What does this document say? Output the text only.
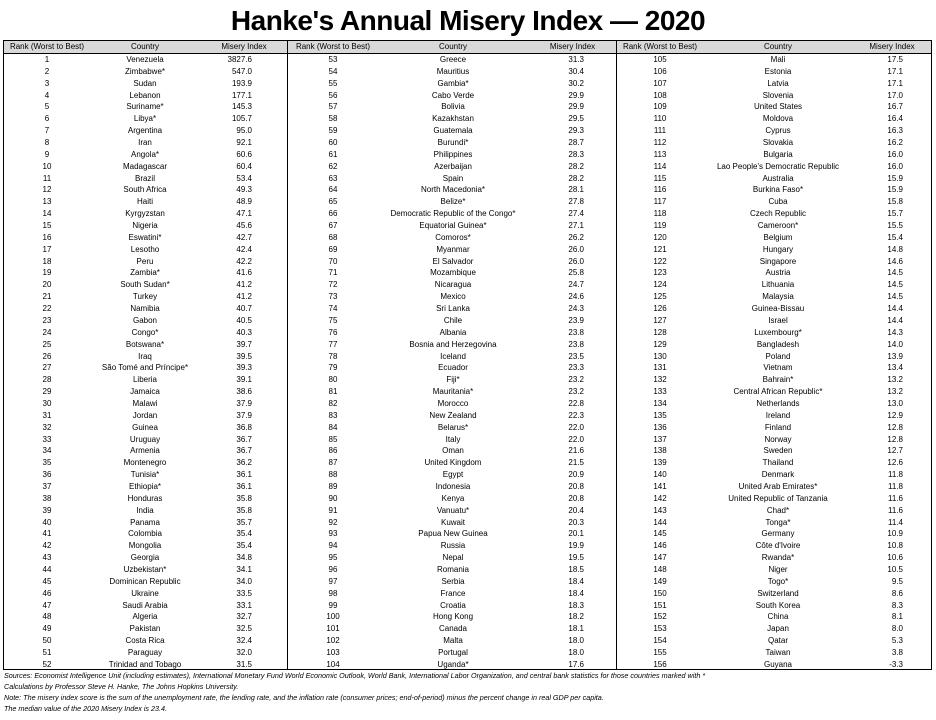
Hanke's Annual Misery Index — 2020
Rank (Worst to Best)	Country	Misery Index
1	Venezuela	3827.6
2	Zimbabwe*	547.0
3	Sudan	193.9
4	Lebanon	177.1
5	Suriname*	145.3
6	Libya*	105.7
7	Argentina	95.0
8	Iran	92.1
9	Angola*	60.6
10	Madagascar	60.4
11	Brazil	53.4
12	South Africa	49.3
13	Haiti	48.9
14	Kyrgyzstan	47.1
15	Nigeria	45.6
16	Eswatini*	42.7
17	Lesotho	42.4
18	Peru	42.2
19	Zambia*	41.6
20	South Sudan*	41.2
21	Turkey	41.2
22	Namibia	40.7
23	Gabon	40.5
24	Congo*	40.3
25	Botswana*	39.7
26	Iraq	39.5
27	São Tomé and Príncipe*	39.3
28	Liberia	39.1
29	Jamaica	38.6
30	Malawi	37.9
31	Jordan	37.9
32	Guinea	36.8
33	Uruguay	36.7
34	Armenia	36.7
35	Montenegro	36.2
36	Tunisia*	36.1
37	Ethiopia*	36.1
38	Honduras	35.8
39	India	35.8
40	Panama	35.7
41	Colombia	35.4
42	Mongolia	35.4
43	Georgia	34.8
44	Uzbekistan*	34.1
45	Dominican Republic	34.0
46	Ukraine	33.5
47	Saudi Arabia	33.1
48	Algeria	32.7
49	Pakistan	32.5
50	Costa Rica	32.4
51	Paraguay	32.0
52	Trinidad and Tobago	31.5
Rank (Worst to Best)	Country	Misery Index
53	Greece	31.3
54	Mauritius	30.4
55	Gambia*	30.2
56	Cabo Verde	29.9
57	Bolivia	29.9
58	Kazakhstan	29.5
59	Guatemala	29.3
60	Burundi*	28.7
61	Philippines	28.3
62	Azerbaijan	28.2
63	Spain	28.2
64	North Macedonia*	28.1
65	Belize*	27.8
66	Democratic Republic of the Congo*	27.4
67	Equatorial Guinea*	27.1
68	Comoros*	26.2
69	Myanmar	26.0
70	El Salvador	26.0
71	Mozambique	25.8
72	Nicaragua	24.7
73	Mexico	24.6
74	Sri Lanka	24.3
75	Chile	23.9
76	Albania	23.8
77	Bosnia and Herzegovina	23.8
78	Iceland	23.5
79	Ecuador	23.3
80	Fiji*	23.2
81	Mauritania*	23.2
82	Morocco	22.8
83	New Zealand	22.3
84	Belarus*	22.0
85	Italy	22.0
86	Oman	21.6
87	United Kingdom	21.5
88	Egypt	20.9
89	Indonesia	20.8
90	Kenya	20.8
91	Vanuatu*	20.4
92	Kuwait	20.3
93	Papua New Guinea	20.1
94	Russia	19.9
95	Nepal	19.5
96	Romania	18.5
97	Serbia	18.4
98	France	18.4
99	Croatia	18.3
100	Hong Kong	18.2
101	Canada	18.1
102	Malta	18.0
103	Portugal	18.0
104	Uganda*	17.6
Rank (Worst to Best)	Country	Misery Index
105	Mali	17.5
106	Estonia	17.1
107	Latvia	17.1
108	Slovenia	17.0
109	United States	16.7
110	Moldova	16.4
111	Cyprus	16.3
112	Slovakia	16.2
113	Bulgaria	16.0
114	Lao People's Democratic Republic	16.0
115	Australia	15.9
116	Burkina Faso*	15.9
117	Cuba	15.8
118	Czech Republic	15.7
119	Cameroon*	15.5
120	Belgium	15.4
121	Hungary	14.8
122	Singapore	14.6
123	Austria	14.5
124	Lithuania	14.5
125	Malaysia	14.5
126	Guinea-Bissau	14.4
127	Israel	14.4
128	Luxembourg*	14.3
129	Bangladesh	14.0
130	Poland	13.9
131	Vietnam	13.4
132	Bahrain*	13.2
133	Central African Republic*	13.2
134	Netherlands	13.0
135	Ireland	12.9
136	Finland	12.8
137	Norway	12.8
138	Sweden	12.7
139	Thailand	12.6
140	Denmark	11.8
141	United Arab Emirates*	11.8
142	United Republic of Tanzania	11.6
143	Chad*	11.6
144	Tonga*	11.4
145	Germany	10.9
146	Côte d'Ivoire	10.8
147	Rwanda*	10.6
148	Niger	10.5
149	Togo*	9.5
150	Switzerland	8.6
151	South Korea	8.3
152	China	8.1
153	Japan	8.0
154	Qatar	5.3
155	Taiwan	3.8
156	Guyana	-3.3
Sources: Economist Intelligence Unit (including estimates), International Monetary Fund World Economic Outlook, World Bank, International Labor Organization, and central bank statistics for those countries marked with *
Calculations by Professor Steve H. Hanke, The Johns Hopkins University.
Note: The misery index score is the sum of the unemployment rate, the lending rate, and the inflation rate (consumer prices; end-of-period) minus the percent change in real GDP per capita.
The median value of the 2020 Misery Index is 23.4.
